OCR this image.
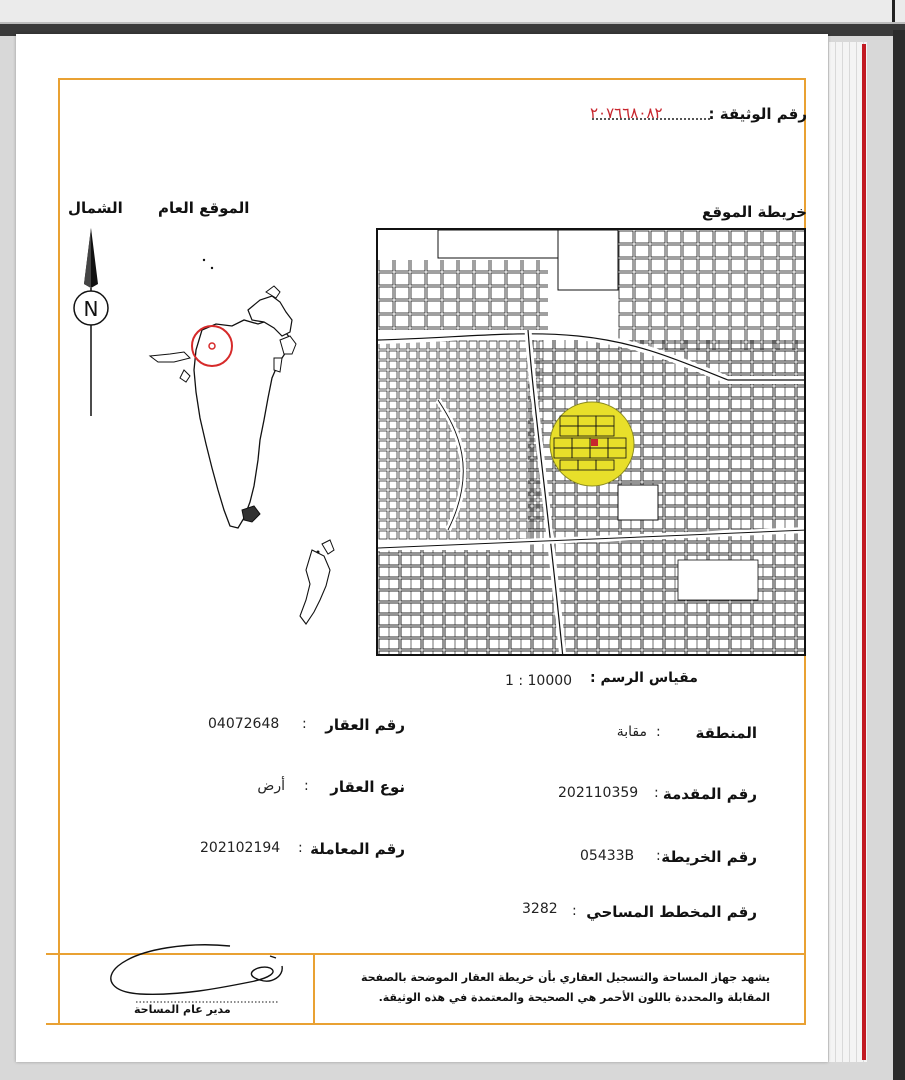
رقم الوثيقة :
٢٠٧٦٦٨٠٨٢
خريطة الموقع
الموقع العام
الشمال
N
مقياس الرسم :
1 : 10000
المنطقة
:
مقابة
رقم المقدمة
:
202110359
رقم الخريطة
:
05433B
رقم المخطط المساحي
:
3282
رقم العقار
:
04072648
نوع العقار
:
أرض
رقم المعاملة
:
202102194
يشهد جهاز المساحة والتسجيل العقاري بأن خريطة العقار الموضحة بالصفحة المقابلة والمحددة باللون الأحمر هي الصحيحة والمعتمدة في هذه الوثيقة.
مدير عام المساحة
